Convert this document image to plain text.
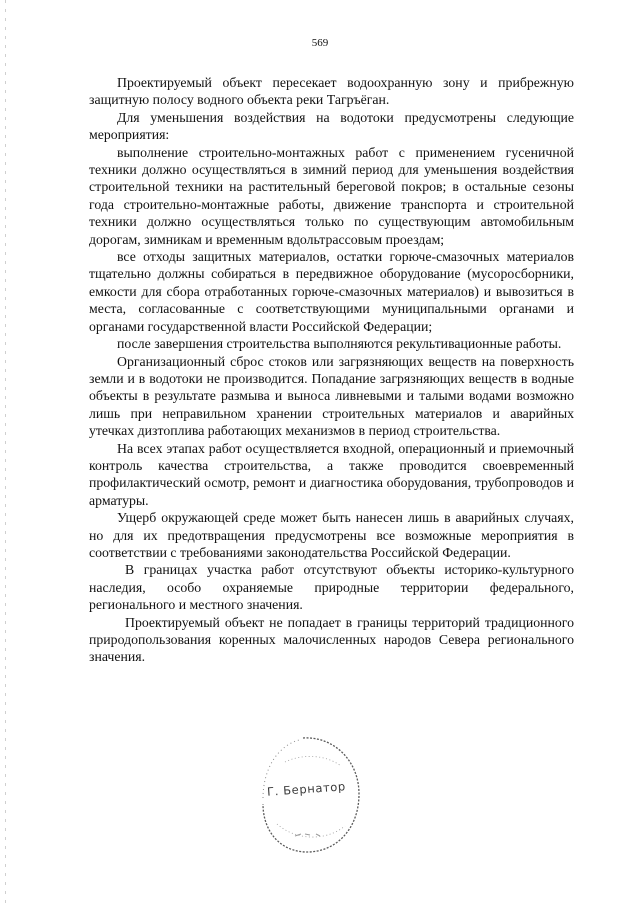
569

Проектируемый объект пересекает водоохранную зону и прибрежную защитную полосу водного объекта реки Тагръёган.

Для уменьшения воздействия на водотоки предусмотрены следующие мероприятия:

выполнение строительно-монтажных работ с применением гусеничной техники должно осуществляться в зимний период для уменьшения воздействия строительной техники на растительный береговой покров; в остальные сезоны года строительно-монтажные работы, движение транспорта и строительной техники должно осуществляться только по существующим автомобильным дорогам, зимникам и временным вдольтрассовым проездам;

все отходы защитных материалов, остатки горюче-смазочных материалов тщательно должны собираться в передвижное оборудование (мусоросборники, емкости для сбора отработанных горюче-смазочных материалов) и вывозиться в места, согласованные с соответствующими муниципальными органами и органами государственной власти Российской Федерации;

после завершения строительства выполняются рекультивационные работы.

Организационный сброс стоков или загрязняющих веществ на поверхность земли и в водотоки не производится. Попадание загрязняющих веществ в водные объекты в результате размыва и выноса ливневыми и талыми водами возможно лишь при неправильном хранении строительных материалов и аварийных утечках дизтоплива работающих механизмов в период строительства.

На всех этапах работ осуществляется входной, операционный и приемочный контроль качества строительства, а также проводится своевременный профилактический осмотр, ремонт и диагностика оборудования, трубопроводов и арматуры.

Ущерб окружающей среде может быть нанесен лишь в аварийных случаях, но для их предотвращения предусмотрены все возможные мероприятия в соответствии с требованиями законодательства Российской Федерации.

В границах участка работ отсутствуют объекты историко-культурного наследия, особо охраняемые природные территории федерального, регионального и местного значения.

Проектируемый объект не попадает в границы территорий традиционного природопользования коренных малочисленных народов Севера регионального значения.

Г. Бернатор
